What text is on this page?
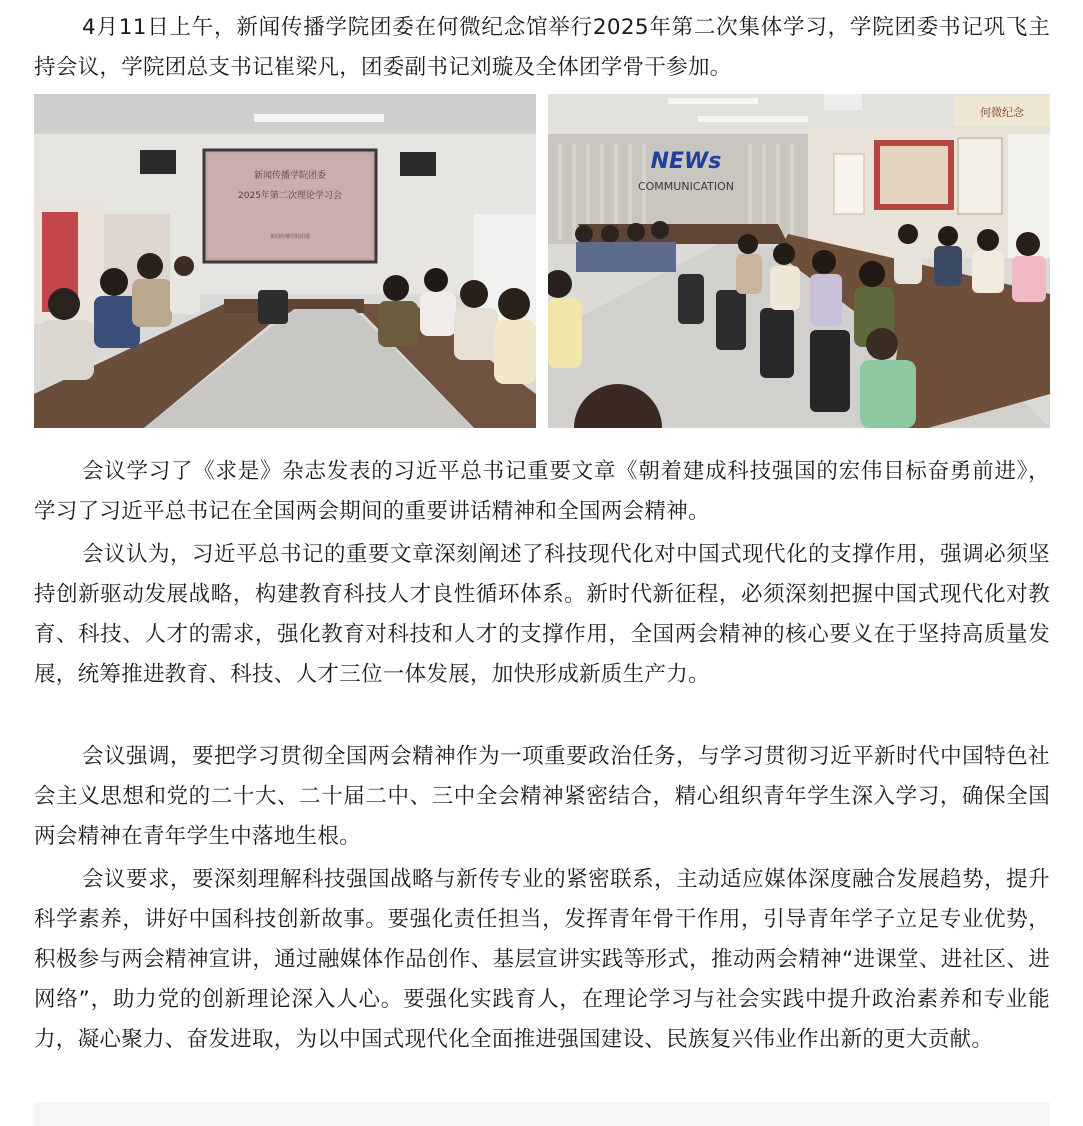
4月11日上午，新闻传播学院团委在何微纪念馆举行2025年第二次集体学习，学院团委书记巩飞主持会议，学院团总支书记崔梁凡，团委副书记刘璇及全体团学骨干参加。

新闻传播学院团委
2025年第二次理论学习会
新闻传播学院团委
NEWs
COMMUNICATION
何微纪念

会议学习了《求是》杂志发表的习近平总书记重要文章《朝着建成科技强国的宏伟目标奋勇前进》，学习了习近平总书记在全国两会期间的重要讲话精神和全国两会精神。

会议认为，习近平总书记的重要文章深刻阐述了科技现代化对中国式现代化的支撑作用，强调必须坚持创新驱动发展战略，构建教育科技人才良性循环体系。新时代新征程，必须深刻把握中国式现代化对教育、科技、人才的需求，强化教育对科技和人才的支撑作用，全国两会精神的核心要义在于坚持高质量发展，统筹推进教育、科技、人才三位一体发展，加快形成新质生产力。

会议强调，要把学习贯彻全国两会精神作为一项重要政治任务，与学习贯彻习近平新时代中国特色社会主义思想和党的二十大、二十届二中、三中全会精神紧密结合，精心组织青年学生深入学习，确保全国两会精神在青年学生中落地生根。

会议要求，要深刻理解科技强国战略与新传专业的紧密联系，主动适应媒体深度融合发展趋势，提升科学素养，讲好中国科技创新故事。要强化责任担当，发挥青年骨干作用，引导青年学子立足专业优势，积极参与两会精神宣讲，通过融媒体作品创作、基层宣讲实践等形式，推动两会精神“进课堂、进社区、进网络”，助力党的创新理论深入人心。要强化实践育人，在理论学习与社会实践中提升政治素养和专业能力，凝心聚力、奋发进取，为以中国式现代化全面推进强国建设、民族复兴伟业作出新的更大贡献。
